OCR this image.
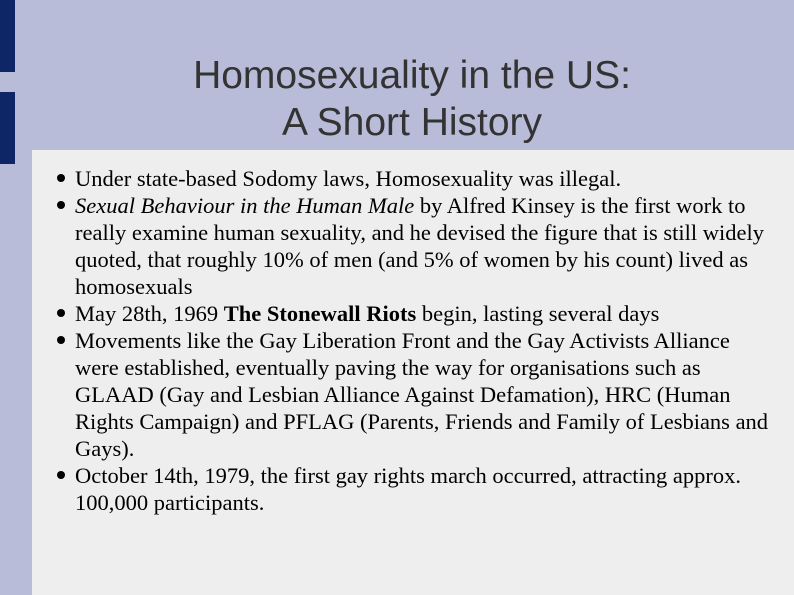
Homosexuality in the US:
A Short History
Under state-based Sodomy laws, Homosexuality was illegal.
Sexual Behaviour in the Human Male by Alfred Kinsey is the first work to really examine human sexuality, and he devised the figure that is still widely quoted, that roughly 10% of men (and 5% of women by his count) lived as homosexuals
May 28th, 1969 The Stonewall Riots begin, lasting several days
Movements like the Gay Liberation Front and the Gay Activists Alliance were established, eventually paving the way for organisations such as GLAAD (Gay and Lesbian Alliance Against Defamation), HRC (Human Rights Campaign) and PFLAG (Parents, Friends and Family of Lesbians and Gays).
October 14th, 1979, the first gay rights march occurred, attracting approx. 100,000 participants.
